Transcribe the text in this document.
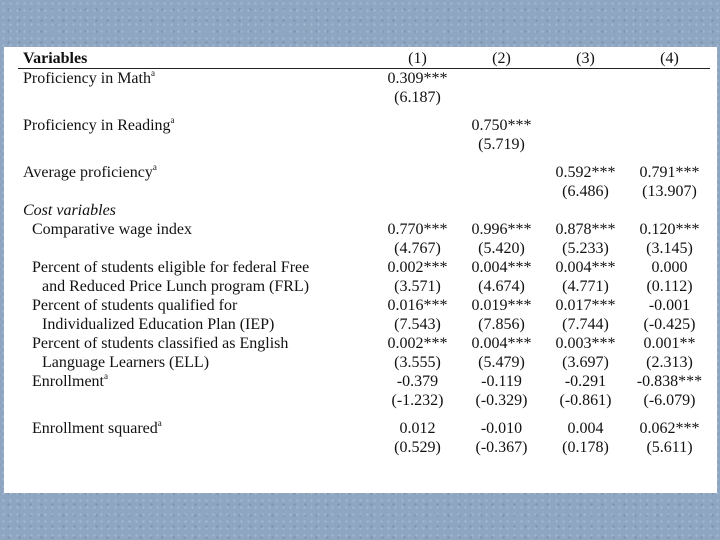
Variables	(1)	(2)	(3)	(4)
Proficiency in Math$^a$	0.309***			
	(6.187)			

Proficiency in Reading$^a$		0.750***		
		(5.719)		

Average proficiency$^a$			0.592***	0.791***
			(6.486)	(13.907)
Cost variables				
Comparative wage index	0.770***	0.996***	0.878***	0.120***
	(4.767)	(5.420)	(5.233)	(3.145)
Percent of students eligible for federal Free	0.002***	0.004***	0.004***	0.000
and Reduced Price Lunch program (FRL)	(3.571)	(4.674)	(4.771)	(0.112)
Percent of students qualified for	0.016***	0.019***	0.017***	-0.001
Individualized Education Plan (IEP)	(7.543)	(7.856)	(7.744)	(-0.425)
Percent of students classified as English	0.002***	0.004***	0.003***	0.001**
Language Learners (ELL)	(3.555)	(5.479)	(3.697)	(2.313)
Enrollment$^a$	-0.379	-0.119	-0.291	-0.838***
	(-1.232)	(-0.329)	(-0.861)	(-6.079)

Enrollment squared$^a$	0.012	-0.010	0.004	0.062***
	(0.529)	(-0.367)	(0.178)	(5.611)
